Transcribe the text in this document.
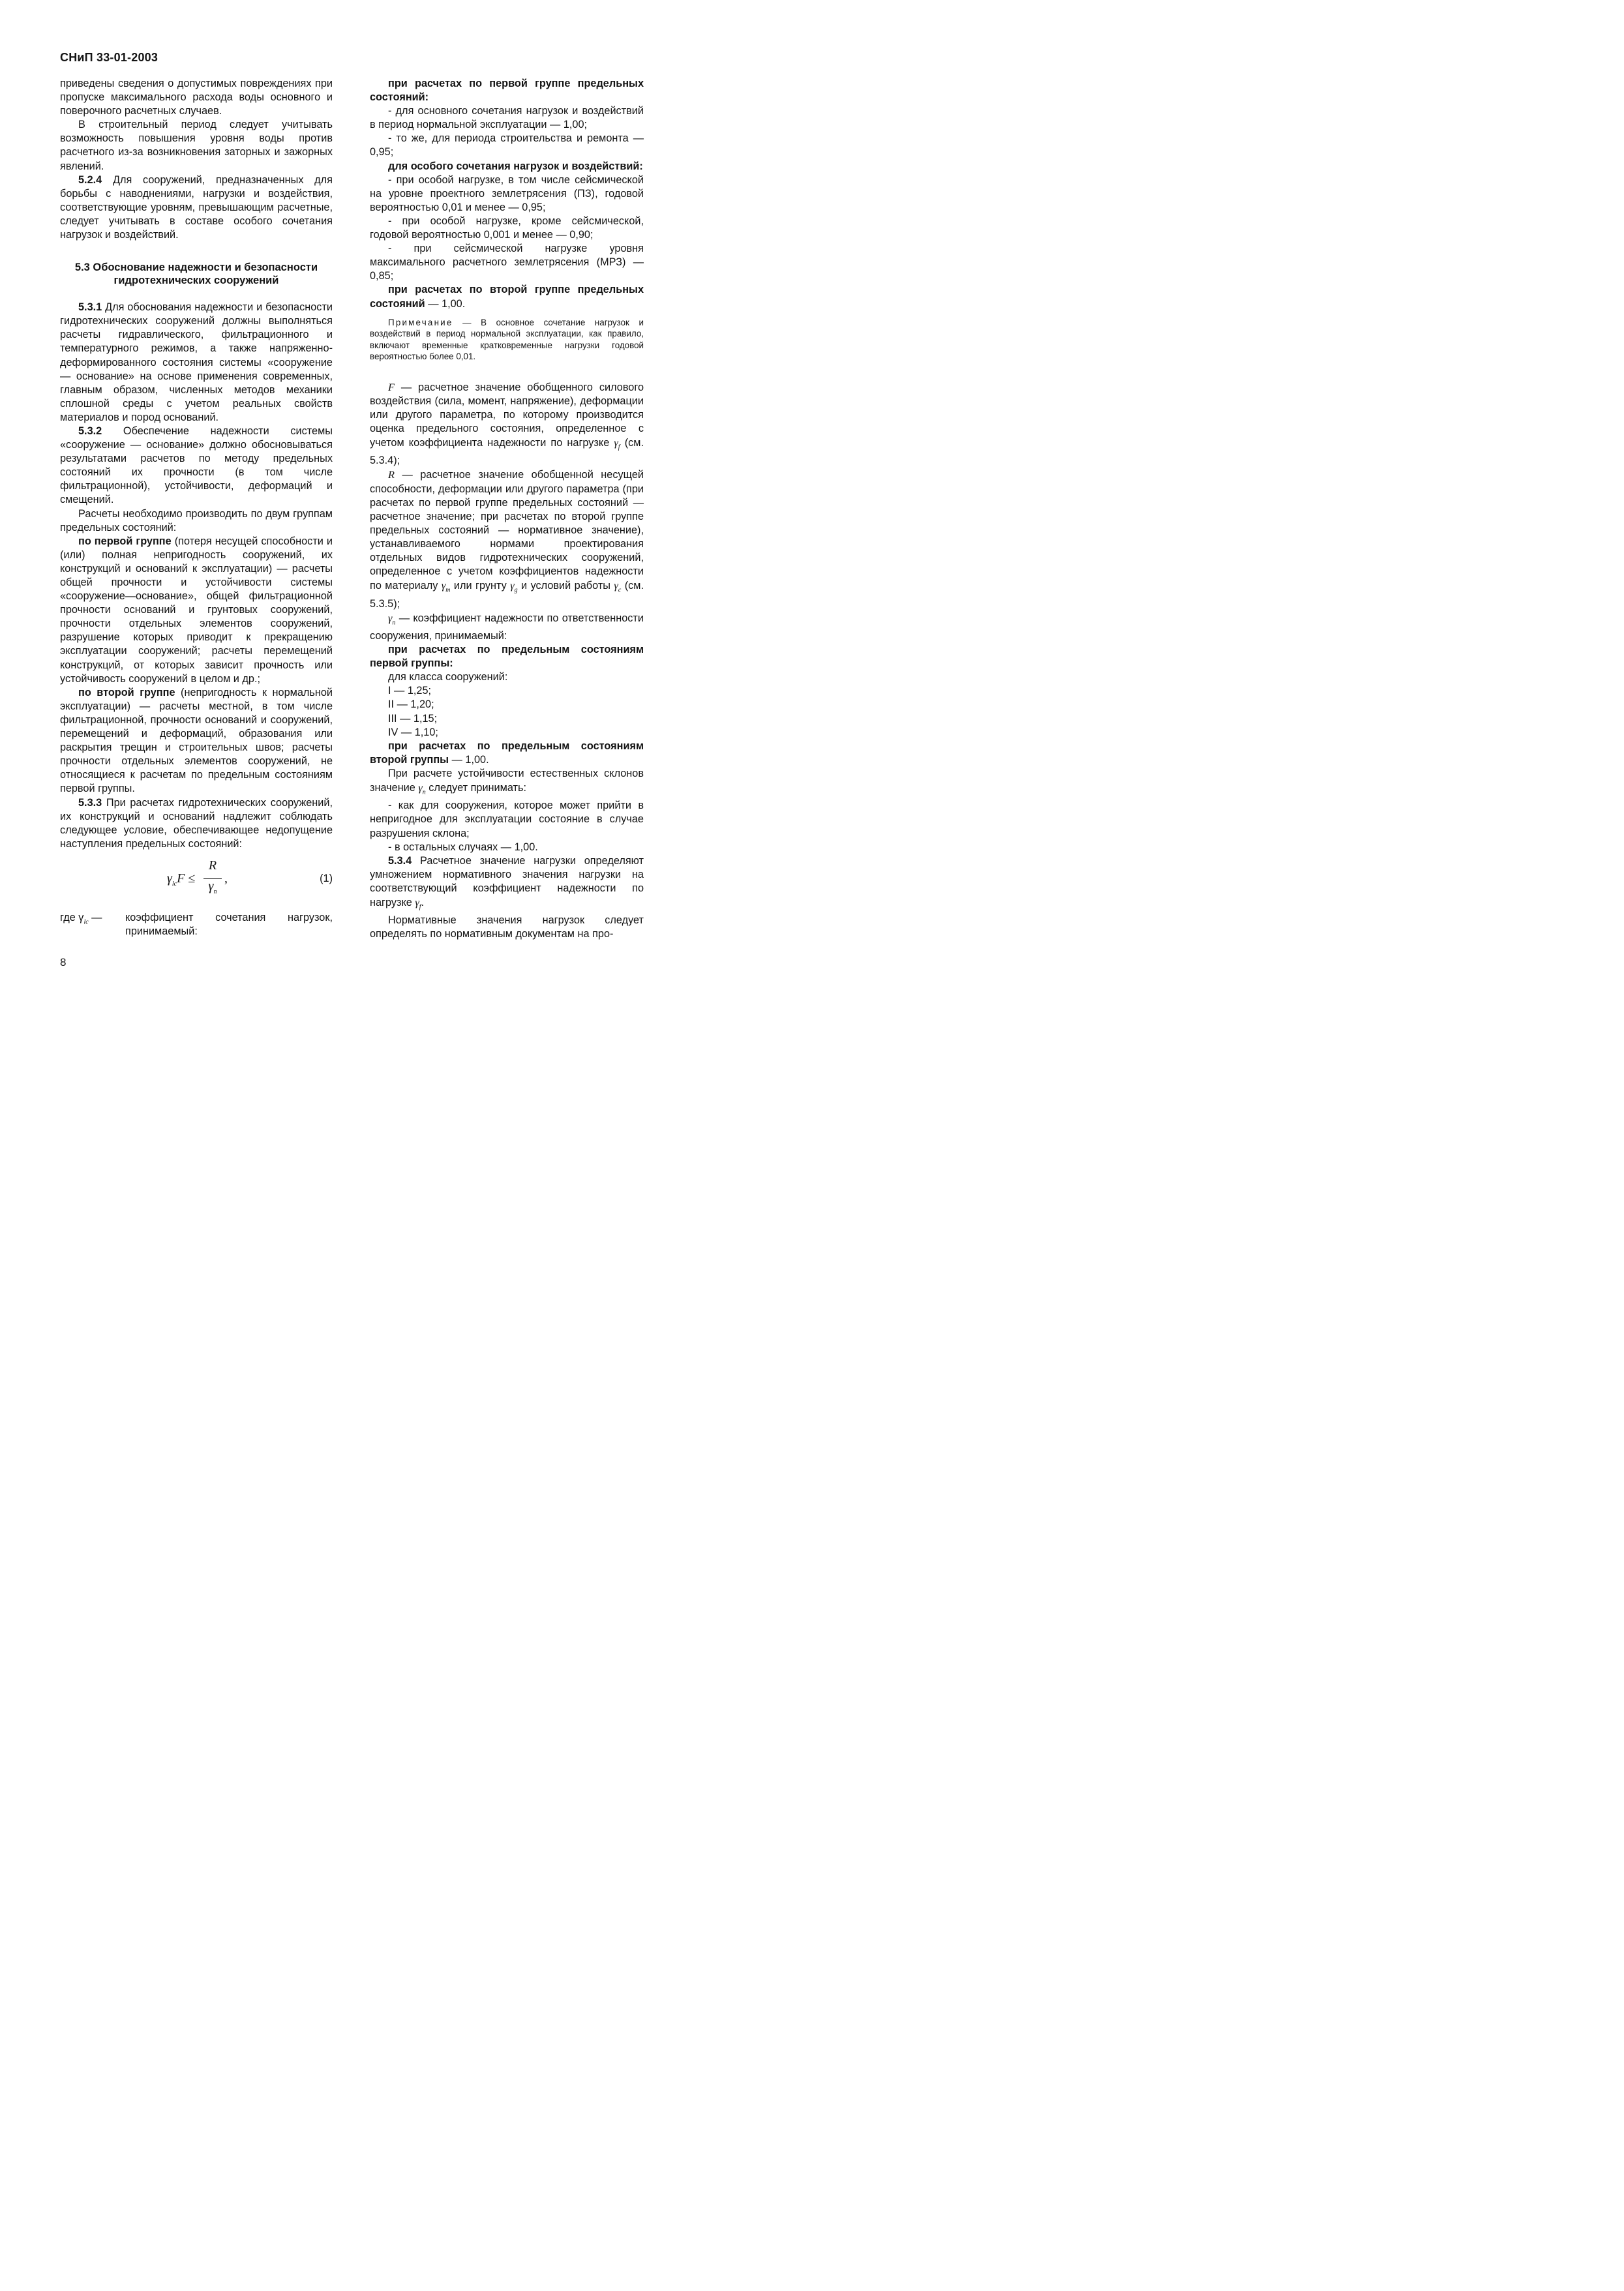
СНиП 33-01-2003

приведены сведения о допустимых повреждениях при пропуске максимального расхода воды основного и поверочного расчетных случаев.

В строительный период следует учитывать возможность повышения уровня воды против расчетного из-за возникновения заторных и зажорных явлений.

5.2.4 Для сооружений, предназначенных для борьбы с наводнениями, нагрузки и воздействия, соответствующие уровням, превышающим расчетные, следует учитывать в составе особого сочетания нагрузок и воздействий.

5.3 Обоснование надежности и безопасности гидротехнических сооружений

5.3.1 Для обоснования надежности и безопасности гидротехнических сооружений должны выполняться расчеты гидравлического, фильтрационного и температурного режимов, а также напряженно-деформированного состояния системы «сооружение — основание» на основе применения современных, главным образом, численных методов механики сплошной среды с учетом реальных свойств материалов и пород оснований.

5.3.2 Обеспечение надежности системы «сооружение — основание» должно обосновываться результатами расчетов по методу предельных состояний их прочности (в том числе фильтрационной), устойчивости, деформаций и смещений.

Расчеты необходимо производить по двум группам предельных состояний:

по первой группе (потеря несущей способности и (или) полная непригодность сооружений, их конструкций и оснований к эксплуатации) — расчеты общей прочности и устойчивости системы «сооружение—основание», общей фильтрационной прочности оснований и грунтовых сооружений, прочности отдельных элементов сооружений, разрушение которых приводит к прекращению эксплуатации сооружений; расчеты перемещений конструкций, от которых зависит прочность или устойчивость сооружений в целом и др.;

по второй группе (непригодность к нормальной эксплуатации) — расчеты местной, в том числе фильтрационной, прочности оснований и сооружений, перемещений и деформаций, образования или раскрытия трещин и строительных швов; расчеты прочности отдельных элементов сооружений, не относящиеся к расчетам по предельным состояниям первой группы.

5.3.3 При расчетах гидротехнических сооружений, их конструкций и оснований надлежит соблюдать следующее условие, обеспечивающее недопущение наступления предельных состояний:

$\gamma_{lc}F$ ≤
R
$\gamma_n$
,	(1)
где $\gamma_{lc}$ — коэффициент сочетания нагрузок, принимаемый:

при расчетах по первой группе предельных состояний:

- для основного сочетания нагрузок и воздействий в период нормальной эксплуатации — 1,00;

- то же, для периода строительства и ремонта — 0,95;

для особого сочетания нагрузок и воздействий:

- при особой нагрузке, в том числе сейсмической на уровне проектного землетрясения (ПЗ), годовой вероятностью 0,01 и менее — 0,95;

- при особой нагрузке, кроме сейсмической, годовой вероятностью 0,001 и менее — 0,90;

- при сейсмической нагрузке уровня максимального расчетного землетрясения (МРЗ) — 0,85;

при расчетах по второй группе предельных состояний — 1,00.

Примечание — В основное сочетание нагрузок и воздействий в период нормальной эксплуатации, как правило, включают временные кратковременные нагрузки годовой вероятностью более 0,01.

F — расчетное значение обобщенного силового воздействия (сила, момент, напряжение), деформации или другого параметра, по которому производится оценка предельного состояния, определенное с учетом коэффициента надежности по нагрузке $\gamma_f$ (см. 5.3.4);

R — расчетное значение обобщенной несущей способности, деформации или другого параметра (при расчетах по первой группе предельных состояний — расчетное значение; при расчетах по второй группе предельных состояний — нормативное значение), устанавливаемого нормами проектирования отдельных видов гидротехнических сооружений, определенное с учетом коэффициентов надежности по материалу $\gamma_m$ или грунту $\gamma_g$ и условий работы $\gamma_c$ (см. 5.3.5);

$\gamma_n$ — коэффициент надежности по ответственности сооружения, принимаемый:

при расчетах по предельным состояниям первой группы:

для класса сооружений:

I — 1,25;

II — 1,20;

III — 1,15;

IV — 1,10;

при расчетах по предельным состояниям второй группы — 1,00.

При расчете устойчивости естественных склонов значение $\gamma_n$ следует принимать:

- как для сооружения, которое может прийти в непригодное для эксплуатации состояние в случае разрушения склона;

- в остальных случаях — 1,00.

5.3.4 Расчетное значение нагрузки определяют умножением нормативного значения нагрузки на соответствующий коэффициент надежности по нагрузке $\gamma_f$.

Нормативные значения нагрузок следует определять по нормативным документам на про-

8
